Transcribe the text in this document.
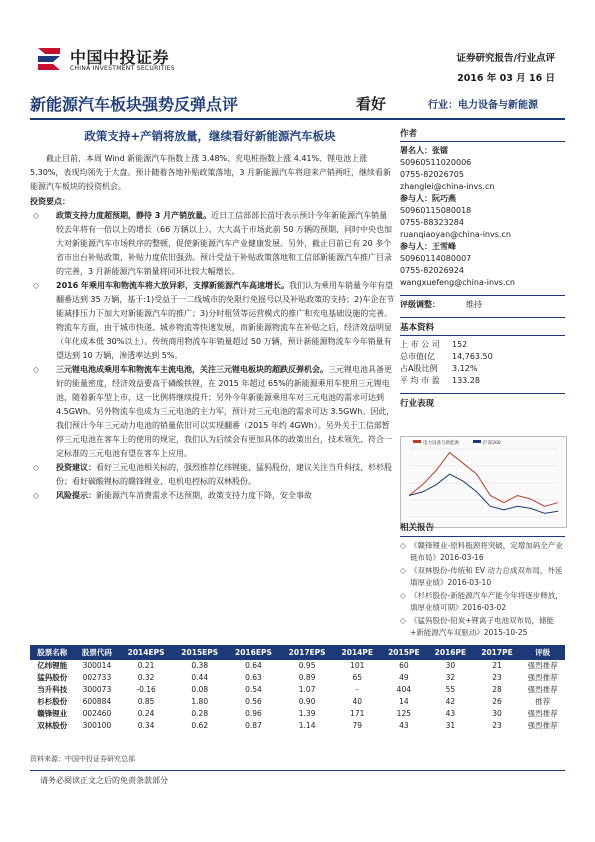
中国中投证券
CHINA INVESTMENT SECURITIES
证券研究报告/行业点评
2016 年 03 月 16 日
新能源汽车板块强势反弹点评	看好	行业：电力设备与新能源
政策支持+产销将放量，继续看好新能源汽车板块

截止目前，本周 Wind 新能源汽车指数上涨 3.48%、充电桩指数上涨 4.41%、锂电池上涨 5.30%，表现均领先于大盘。预计随着各地补贴政策落地，3 月新能源汽车将迎来产销两旺，继续看新能源汽车板块的投资机会。

投资要点：

◇ 政策支持力度超预期，静待 3 月产销放量。近日工信部部长苗圩表示预计今年新能源汽车销量较去年将有一倍以上的增长（66 万辆以上），大大高于市场此前 50 万辆的预期，同时中央也加大对新能源汽车市场秩序的整顿，促使新能源汽车产业健康发展。另外，截止目前已有 20 多个省市出台补贴政策，补贴力度依旧强劲。预计受益于补贴政策落地和工信部新能源汽车推广目录的完善，3 月新能源汽车销量将同环比较大幅增长。

◇ 2016 年乘用车和物流车将大放异彩，支撑新能源汽车高速增长。我们认为乘用车销量今年有望翻番达到 35 万辆，基于:1)受益于一二线城市的免限行免摇号以及补贴政策的支持；2)车企在节能减排压力下加大对新能源汽车的推广；3)分时租赁等运营模式的推广和充电基础设施的完善。物流车方面，由于城市快递、城乡物流等快速发展，而新能源物流车在补贴之后，经济效益明显（年化成本低 30%以上）。传统商用物流车年销量超过 50 万辆，预计新能源物流车今年销量有望达到 10 万辆，渗透率达到 5%。

◇ 三元锂电池成乘用车和物流车主流电池，关注三元锂电板块的超跌反弹机会。三元锂电池具备更好的能量密度，经济效益要高于磷酸铁锂，在 2015 年超过 65%的新能源乘用车使用三元锂电池，随着新车型上市，这一比例将继续提升；另外今年新能源乘用车对三元电池的需求可达到 4.5GWh。另外物流车也成为三元电池的主力军，预计对三元电池的需求可达 3.5GWh。因此，我们预计今年三元动力电池的销量依旧可以实现翻番（2015 年约 4GWh）。另外关于工信部暂停三元电池在客车上的使用的规定，我们认为后续会有更加具体的政策出台，技术领先、符合一定标准的三元电池有望在客车上应用。

◇ 投资建议：看好三元电池相关标的，强烈推荐亿纬锂能、猛犸股份，建议关注当升科技、杉杉股份；看好碳酸锂标的赣锋锂业、电机电控标的双林股份。

◇ 风险提示：新能源汽车消费需求不达预期，政策支持力度下降，安全事故

作者
署名人：张镭
S0960511020006
0755-82026705
zhanglei@china-invs.cn
参与人：阮巧燕
S0960115080018
0755-88323284
ruanqiaoyan@china-invs.cn
参与人：王雪峰
S0960114080007
0755-82026924
wangxuefeng@china-invs.cn
评级调整：	维持
基本资料
上 市 公 司	152
总市值(亿	14,763.50
占A股比例	3.12%
平 均 市 盈	133.28
行业表现
电力设备与新能源	沪深300
相关报告
◇ 《赣锋锂业-原料瓶颈将突破，定增加码全产业链布局》2016-03-16
◇ 《双林股份-传统和 EV 动力总成双布局，外延填厚业绩》2016-03-10
◇ 《杉杉股份-新能源汽车产能今年将逐步释放，填厚业绩可期》2016-03-02
◇ 《猛犸股份-铅炭+锂离子电池双布局，储能+新能源汽车双驱动》2015-10-25
股票名称	股票代码	2014EPS	2015EPS	2016EPS	2017EPS	2014PE	2015PE	2016PE	2017PE	评级
亿纬锂能	300014	0.21	0.38	0.64	0.95	101	60	30	21	强烈推荐
猛犸股份	002733	0.32	0.44	0.63	0.89	65	49	32	23	强烈推荐
当升科技	300073	-0.16	0.08	0.54	1.07	-	404	55	28	强烈推荐
杉杉股份	600884	0.85	1.80	0.56	0.90	40	14	42	26	推荐
赣锋锂业	002460	0.24	0.28	0.96	1.39	171	125	43	30	强烈推荐
双林股份	300100	0.34	0.62	0.87	1.14	79	43	31	23	强烈推荐
资料来源：中国中投证券研究总部
请务必阅读正文之后的免责条款部分
